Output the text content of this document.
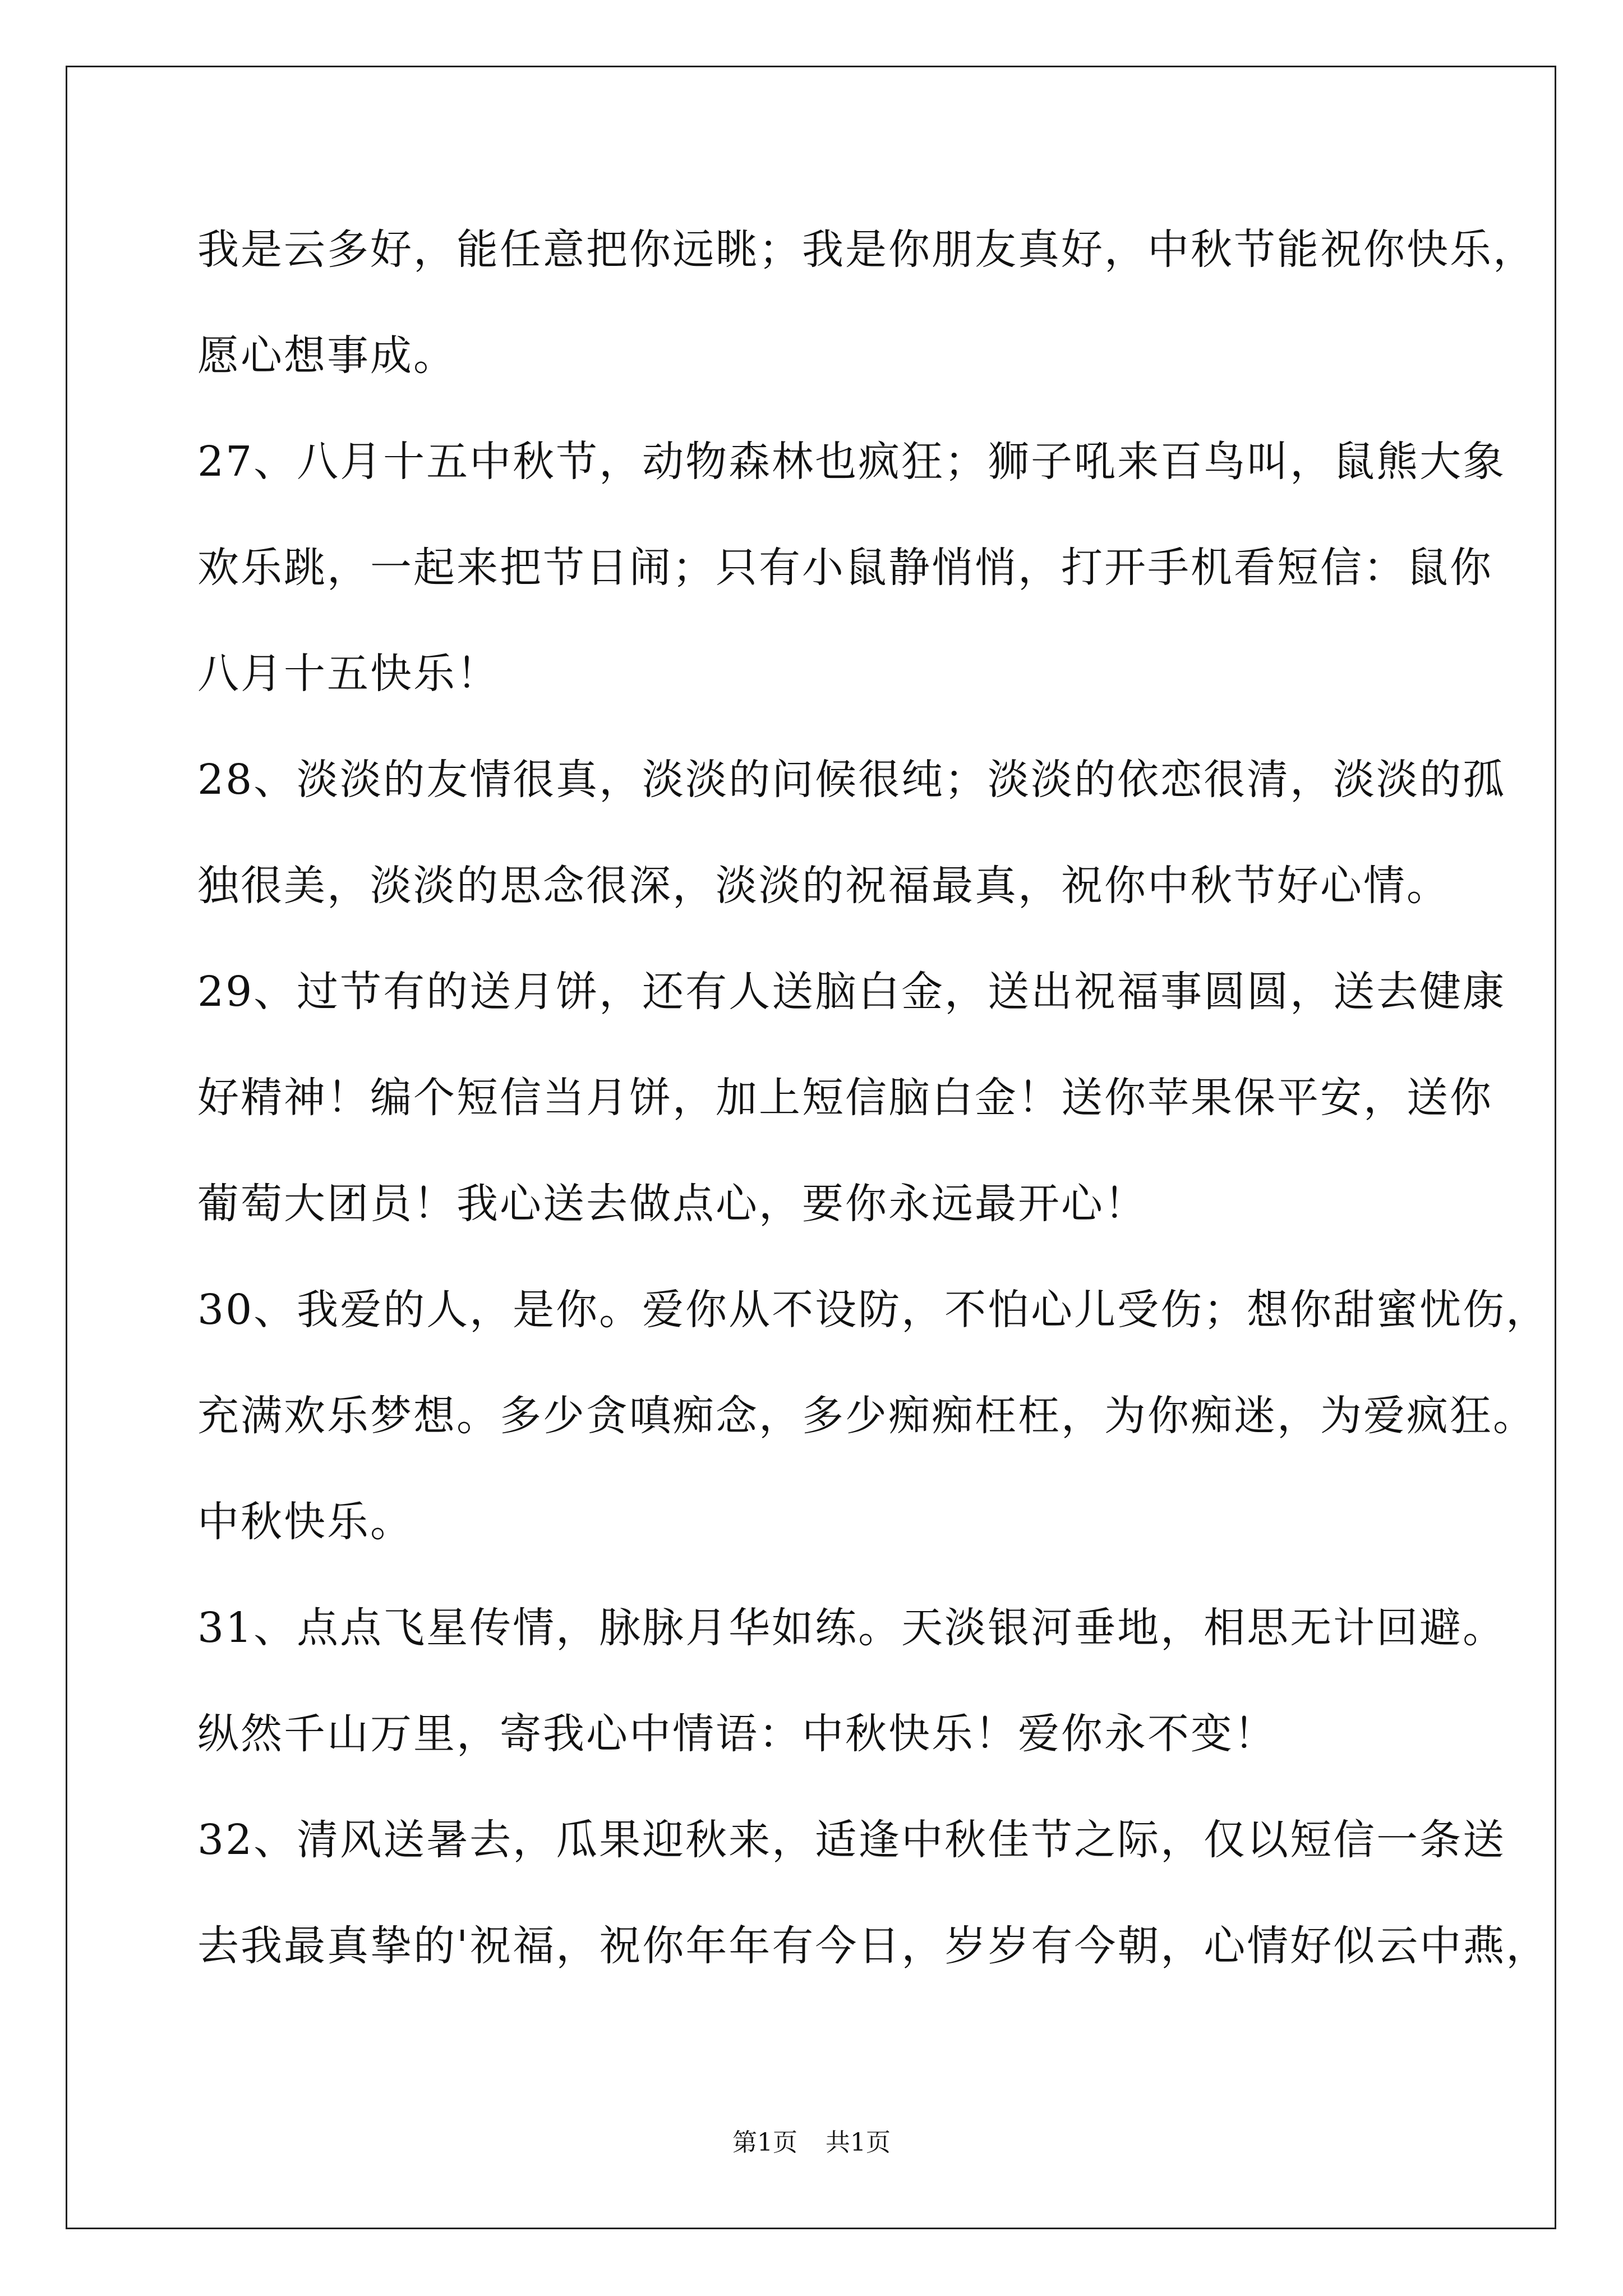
我是云多好，能任意把你远眺；我是你朋友真好，中秋节能祝你快乐，
愿心想事成。
27、八月十五中秋节，动物森林也疯狂；狮子吼来百鸟叫，鼠熊大象
欢乐跳，一起来把节日闹；只有小鼠静悄悄，打开手机看短信：鼠你
八月十五快乐！
28、淡淡的友情很真，淡淡的问候很纯；淡淡的依恋很清，淡淡的孤
独很美，淡淡的思念很深，淡淡的祝福最真，祝你中秋节好心情。
29、过节有的送月饼，还有人送脑白金，送出祝福事圆圆，送去健康
好精神！编个短信当月饼，加上短信脑白金！送你苹果保平安，送你
葡萄大团员！我心送去做点心，要你永远最开心！
30、我爱的人，是你。爱你从不设防，不怕心儿受伤；想你甜蜜忧伤，
充满欢乐梦想。多少贪嗔痴念，多少痴痴枉枉，为你痴迷，为爱疯狂。
中秋快乐。
31、点点飞星传情，脉脉月华如练。天淡银河垂地，相思无计回避。
纵然千山万里，寄我心中情语：中秋快乐！爱你永不变！
32、清风送暑去，瓜果迎秋来，适逢中秋佳节之际，仅以短信一条送
去我最真挚的'祝福，祝你年年有今日，岁岁有今朝，心情好似云中燕，
第1页 共1页
